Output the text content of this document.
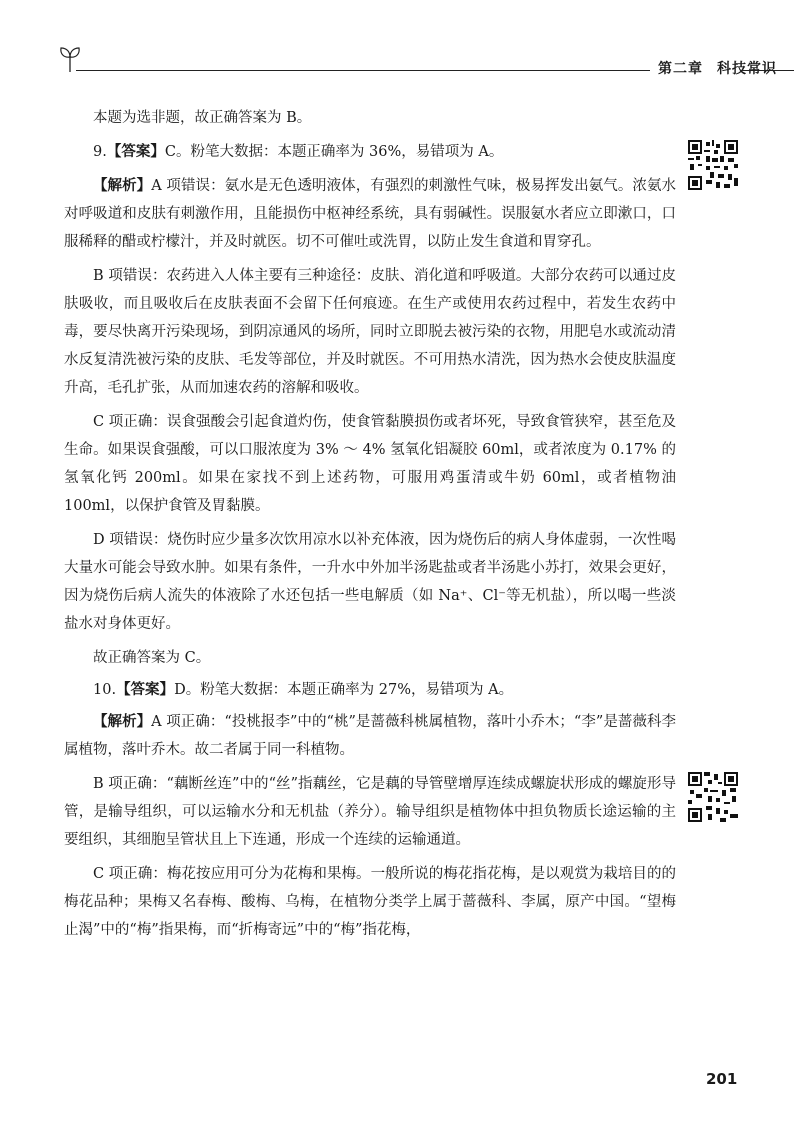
第二章 科技常识

本题为选非题，故正确答案为 B。

9.【答案】C。粉笔大数据：本题正确率为 36%，易错项为 A。

【解析】A 项错误：氨水是无色透明液体，有强烈的刺激性气味，极易挥发出氨气。浓氨水对呼吸道和皮肤有刺激作用，且能损伤中枢神经系统，具有弱碱性。误服氨水者应立即漱口，口服稀释的醋或柠檬汁，并及时就医。切不可催吐或洗胃，以防止发生食道和胃穿孔。

B 项错误：农药进入人体主要有三种途径：皮肤、消化道和呼吸道。大部分农药可以通过皮肤吸收，而且吸收后在皮肤表面不会留下任何痕迹。在生产或使用农药过程中，若发生农药中毒，要尽快离开污染现场，到阴凉通风的场所，同时立即脱去被污染的衣物，用肥皂水或流动清水反复清洗被污染的皮肤、毛发等部位，并及时就医。不可用热水清洗，因为热水会使皮肤温度升高，毛孔扩张，从而加速农药的溶解和吸收。

C 项正确：误食强酸会引起食道灼伤，使食管黏膜损伤或者坏死，导致食管狭窄，甚至危及生命。如果误食强酸，可以口服浓度为 3% ～ 4% 氢氧化铝凝胶 60ml，或者浓度为 0.17% 的氢氧化钙 200ml。如果在家找不到上述药物，可服用鸡蛋清或牛奶 60ml，或者植物油 100ml，以保护食管及胃黏膜。

D 项错误：烧伤时应少量多次饮用凉水以补充体液，因为烧伤后的病人身体虚弱，一次性喝大量水可能会导致水肿。如果有条件，一升水中外加半汤匙盐或者半汤匙小苏打，效果会更好，因为烧伤后病人流失的体液除了水还包括一些电解质（如 Na⁺、Cl⁻等无机盐），所以喝一些淡盐水对身体更好。

故正确答案为 C。

10.【答案】D。粉笔大数据：本题正确率为 27%，易错项为 A。

【解析】A 项正确：“投桃报李”中的“桃”是蔷薇科桃属植物，落叶小乔木；“李”是蔷薇科李属植物，落叶乔木。故二者属于同一科植物。

B 项正确：“藕断丝连”中的“丝”指藕丝，它是藕的导管壁增厚连续成螺旋状形成的螺旋形导管，是输导组织，可以运输水分和无机盐（养分）。输导组织是植物体中担负物质长途运输的主要组织，其细胞呈管状且上下连通，形成一个连续的运输通道。

C 项正确：梅花按应用可分为花梅和果梅。一般所说的梅花指花梅，是以观赏为栽培目的的梅花品种；果梅又名春梅、酸梅、乌梅，在植物分类学上属于蔷薇科、李属，原产中国。“望梅止渴”中的“梅”指果梅，而“折梅寄远”中的“梅”指花梅，

201
